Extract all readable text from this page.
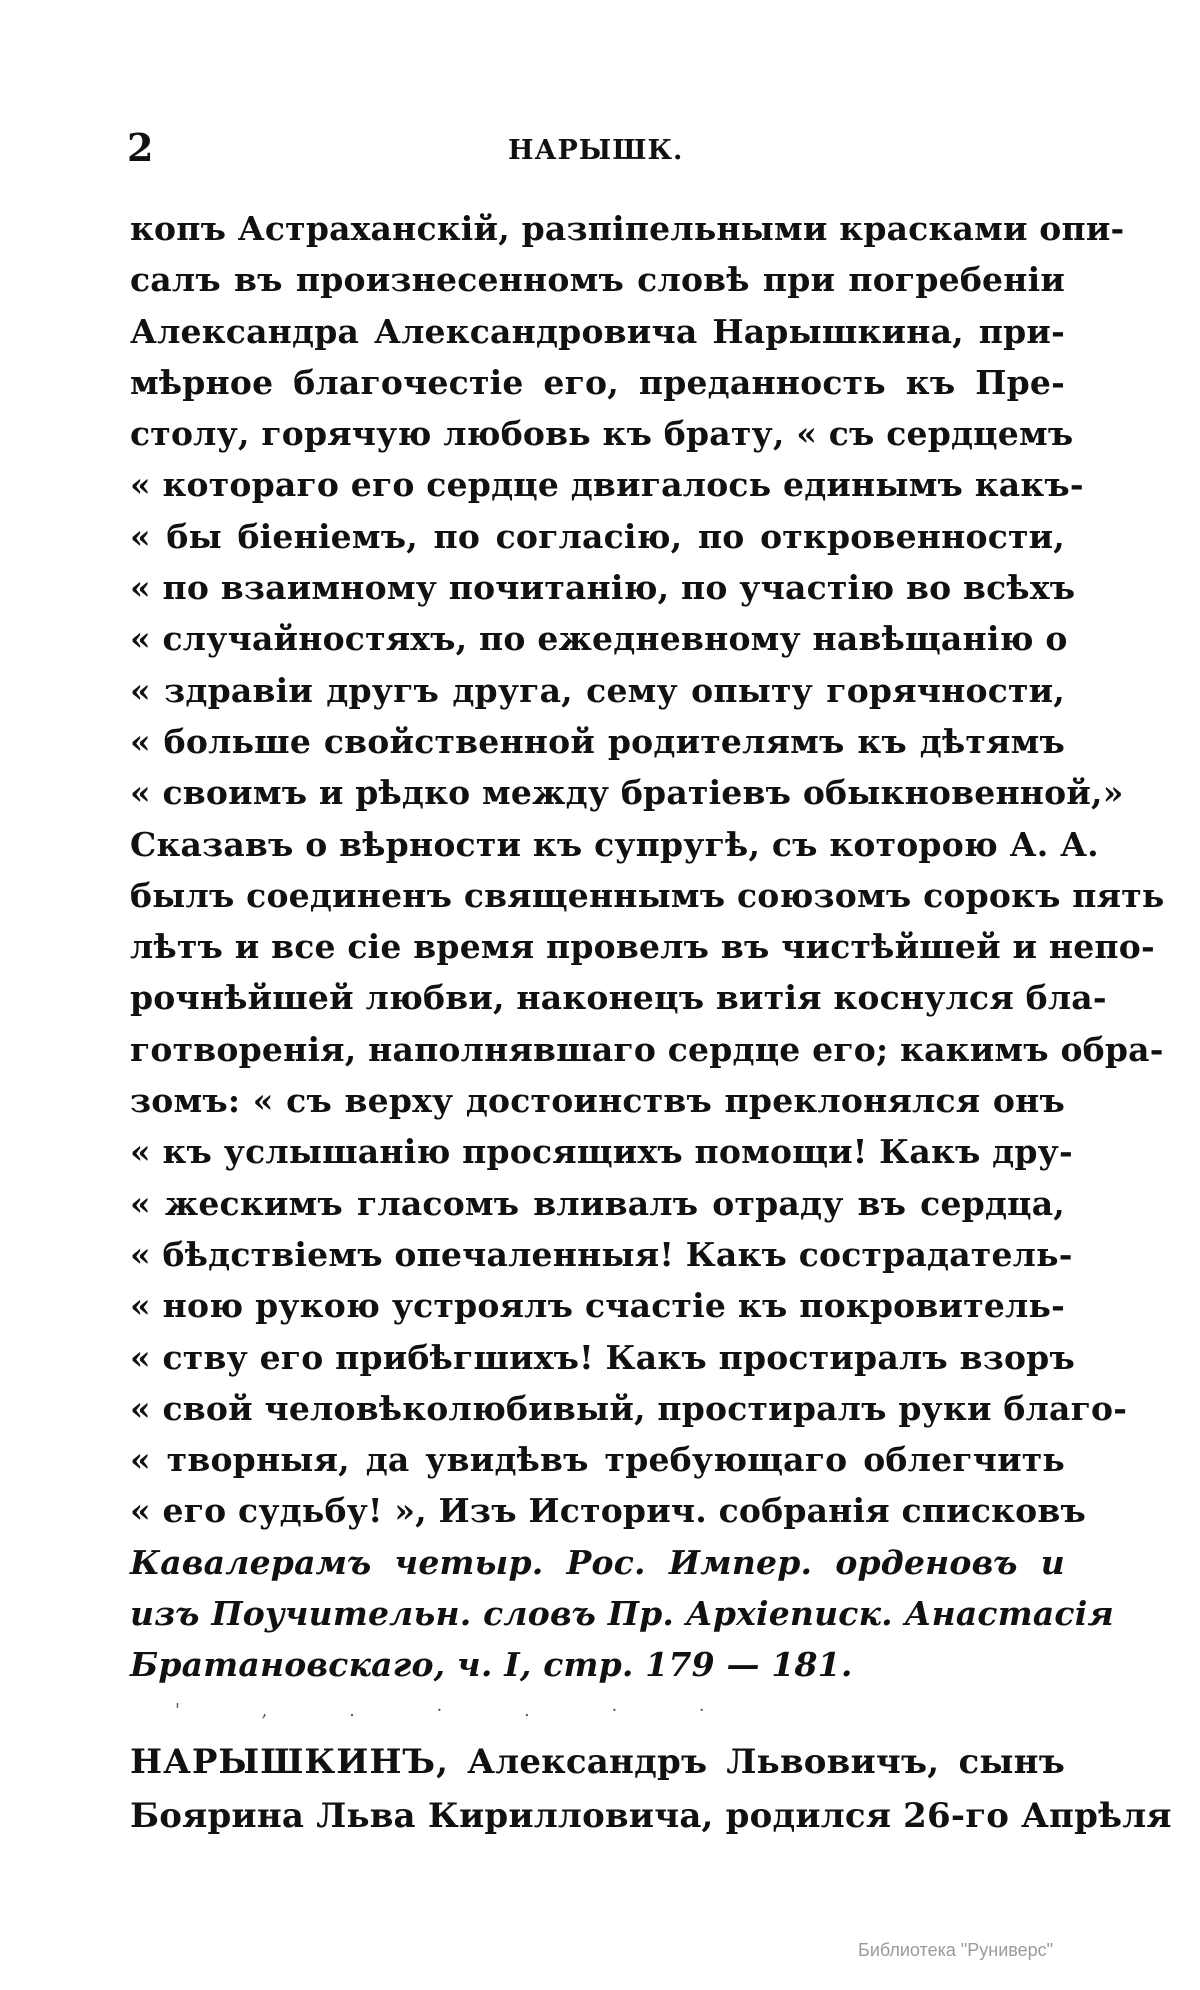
2	НАРЫШК.
копъ Астраханскій, разпіпельными красками опи-
салъ въ произнесенномъ словѣ при погребеніи
Александра Александровича Нарышкина, при-
мѣрное благочестіе его, преданность къ Пре-
столу, горячую любовь къ брату, « съ сердцемъ
« котораго его сердце двигалось единымъ какъ-
« бы біеніемъ, по согласію, по откровенности,
« по взаимному почитанію, по участію во всѣхъ
« случайностяхъ, по ежедневному навѣщанію о
« здравіи другъ друга, сему опыту горячности,
« больше свойственной родителямъ къ дѣтямъ
« своимъ и рѣдко между братіевъ обыкновенной,»
Сказавъ о вѣрности къ супругѣ, съ которою А. А.
былъ соединенъ священнымъ союзомъ сорокъ пять
лѣтъ и все сіе время провелъ въ чистѣйшей и непо-
рочнѣйшей любви, наконецъ витія коснулся бла-
готворенія, наполнявшаго сердце его; какимъ обра-
зомъ: « съ верху достоинствъ преклонялся онъ
« къ услышанію просящихъ помощи! Какъ дру-
« жескимъ гласомъ вливалъ отраду въ сердца,
« бѣдствіемъ опечаленныя! Какъ сострадатель-
« ною рукою устроялъ счастіе къ покровитель-
« ству его прибѣгшихъ! Какъ простиралъ взоръ
« свой человѣколюбивый, простиралъ руки благо-
« творныя, да увидѣвъ требующаго облегчить
« его судьбу! », Изъ Историч. собранія списковъ
Кавалерамъ четыр. Рос. Импер. орденовъ и
изъ Поучительн. словъ Пр. Архіеписк. Анастасія
Братановскаго, ч. I, стр. 179 — 181.
' , . · . · ·
НАРЫШКИНЪ, Александръ Львовичъ, сынъ
Боярина Льва Кирилловича, родился 26-го Апрѣля
Библиотека "Руниверс"
